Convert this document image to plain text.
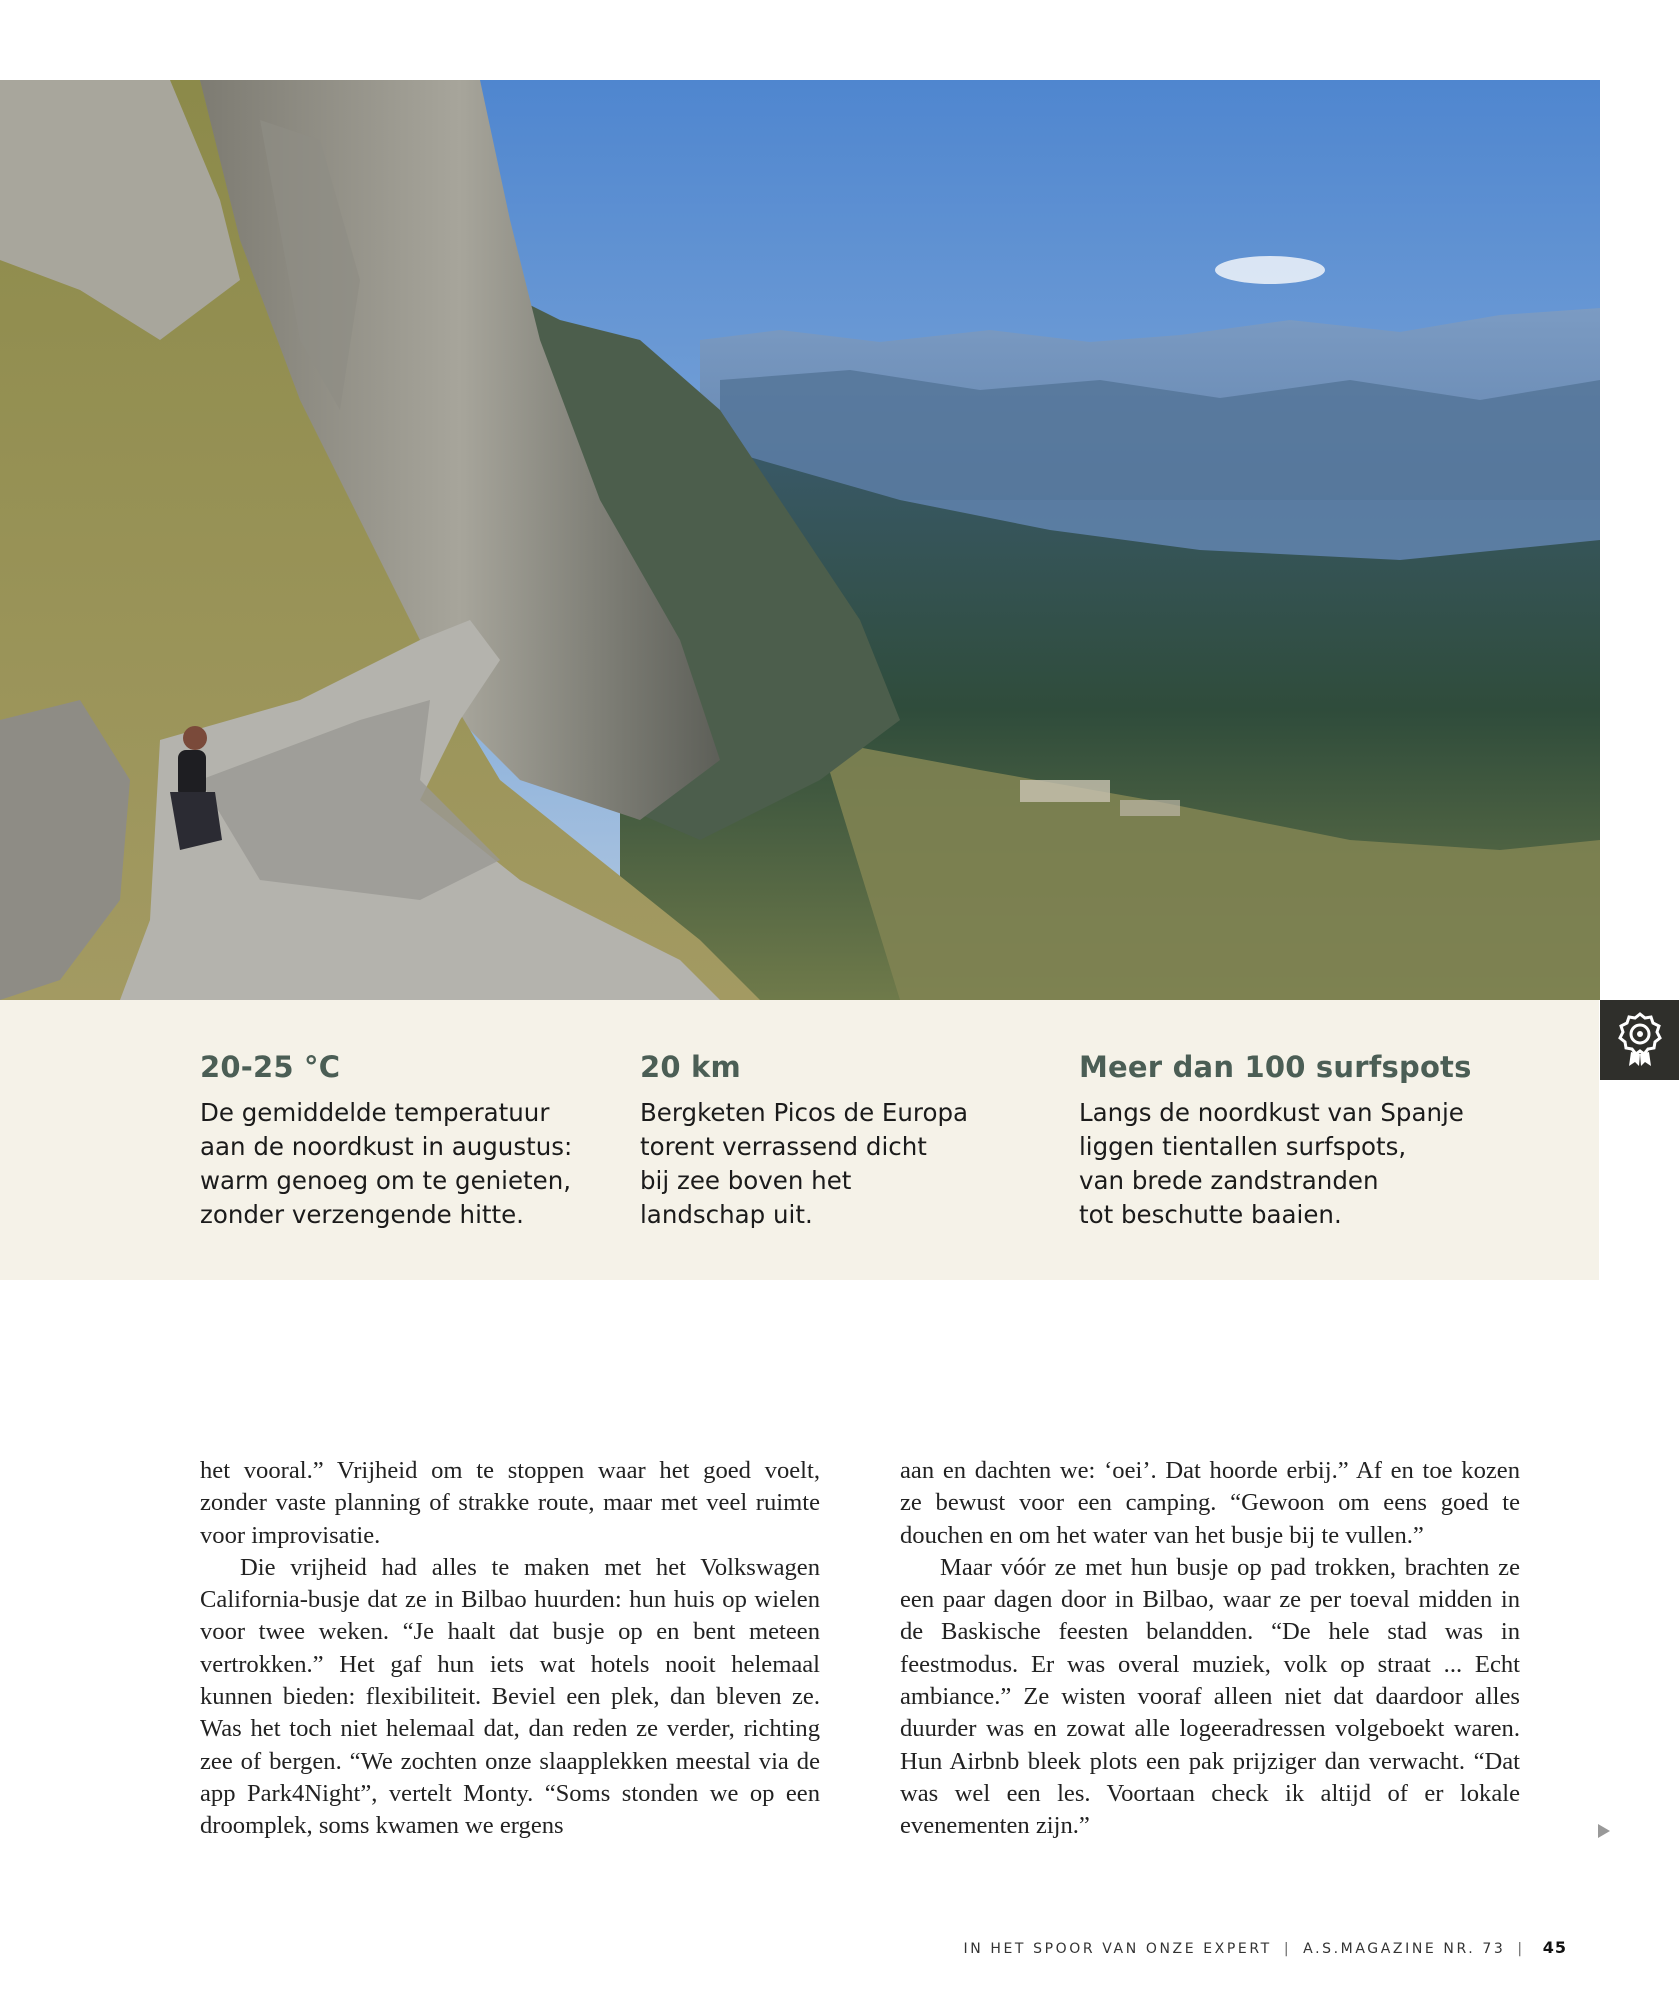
20-25 °C

De gemiddelde temperatuur
aan de noordkust in augustus:
warm genoeg om te genieten,
zonder verzengende hitte.

20 km

Bergketen Picos de Europa
torent verrassend dicht
bij zee boven het
landschap uit.

Meer dan 100 surfspots

Langs de noordkust van Spanje
liggen tientallen surfspots,
van brede zandstranden
tot beschutte baaien.

het vooral.” Vrijheid om te stoppen waar het goed voelt, zonder vaste planning of strakke route, maar met veel ruimte voor improvisatie.

Die vrijheid had alles te maken met het Volkswagen California-busje dat ze in Bilbao huurden: hun huis op wielen voor twee weken. “Je haalt dat busje op en bent meteen vertrokken.” Het gaf hun iets wat hotels nooit helemaal kunnen bieden: flexibiliteit. Beviel een plek, dan bleven ze. Was het toch niet helemaal dat, dan reden ze verder, richting zee of bergen. “We zochten onze slaapplekken meestal via de app Park4Night”, vertelt Monty. “Soms stonden we op een droomplek, soms kwamen we ergens

aan en dachten we: ‘oei’. Dat hoorde erbij.” Af en toe kozen ze bewust voor een camping. “Gewoon om eens goed te douchen en om het water van het busje bij te vullen.”

Maar vóór ze met hun busje op pad trokken, brachten ze een paar dagen door in Bilbao, waar ze per toeval midden in de Baskische feesten belandden. “De hele stad was in feestmodus. Er was overal muziek, volk op straat ... Echt ambiance.” Ze wisten vooraf alleen niet dat daardoor alles duurder was en zowat alle logeeradressen volgeboekt waren. Hun Airbnb bleek plots een pak prijziger dan verwacht. “Dat was wel een les. Voortaan check ik altijd of er lokale evenementen zijn.”

IN HET SPOOR VAN ONZE EXPERT | A.S.MAGAZINE NR. 73 | 45
